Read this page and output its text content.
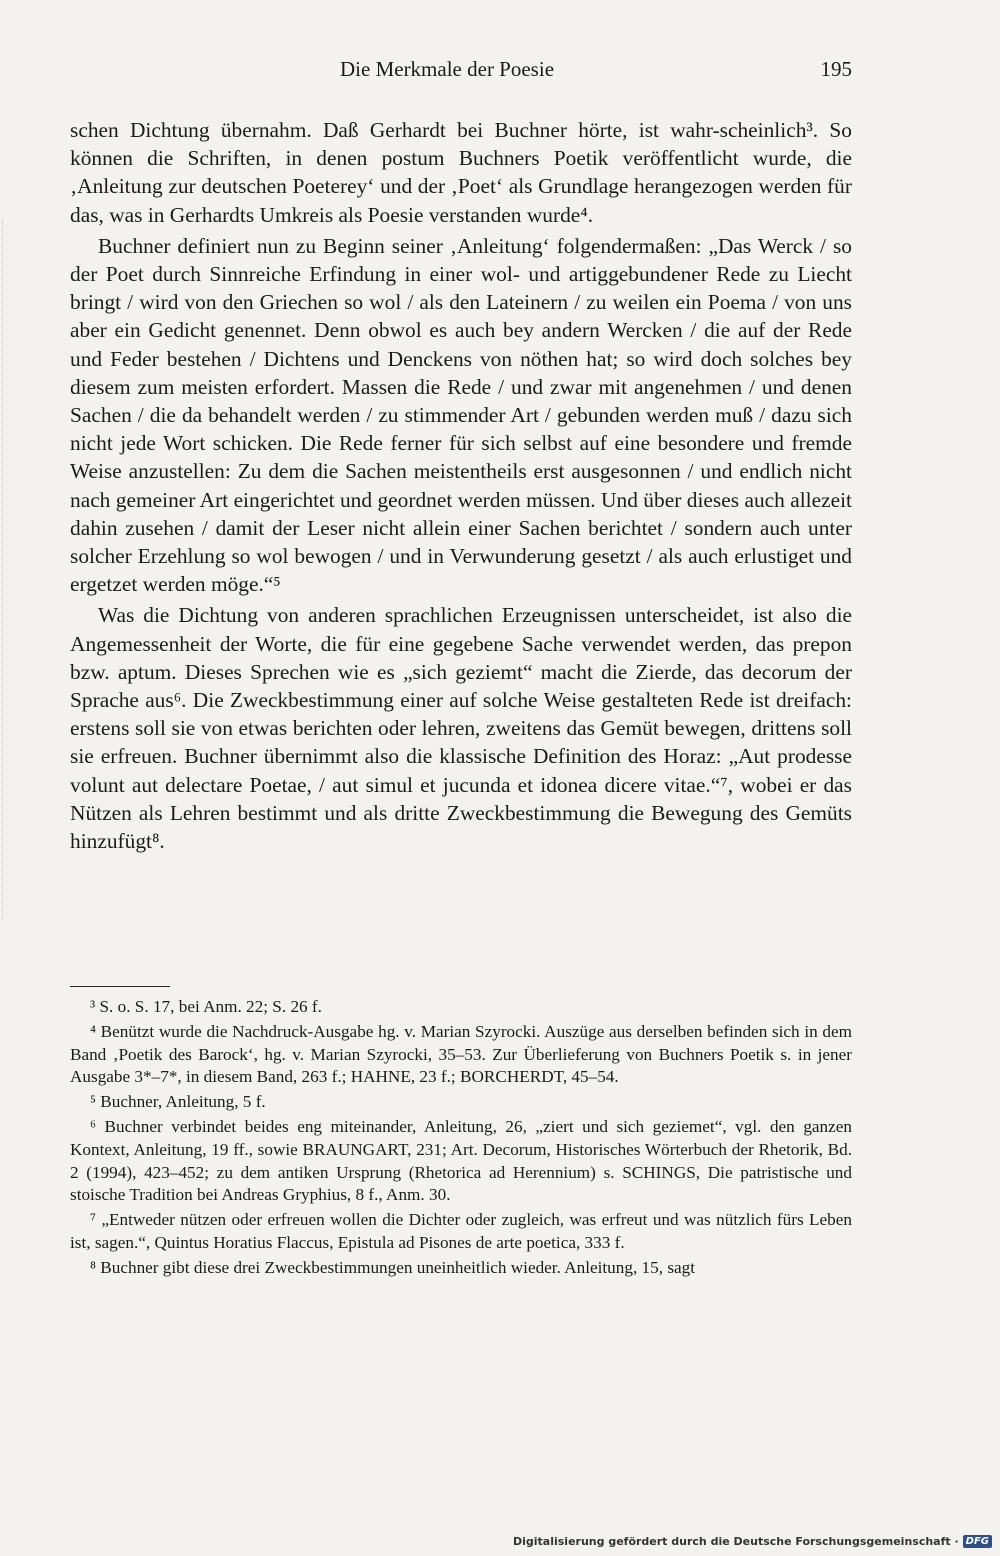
Die Merkmale der Poesie	195

schen Dichtung übernahm. Daß Gerhardt bei Buchner hörte, ist wahr-scheinlich³. So können die Schriften, in denen postum Buchners Poetik veröffentlicht wurde, die ‚Anleitung zur deutschen Poeterey‘ und der ‚Poet‘ als Grundlage herangezogen werden für das, was in Gerhardts Umkreis als Poesie verstanden wurde⁴.

Buchner definiert nun zu Beginn seiner ‚Anleitung‘ folgendermaßen: „Das Werck / so der Poet durch Sinnreiche Erfindung in einer wol- und artiggebundener Rede zu Liecht bringt / wird von den Griechen so wol / als den Lateinern / zu weilen ein Poema / von uns aber ein Gedicht genennet. Denn obwol es auch bey andern Wercken / die auf der Rede und Feder bestehen / Dichtens und Denckens von nöthen hat; so wird doch solches bey diesem zum meisten erfordert. Massen die Rede / und zwar mit angenehmen / und denen Sachen / die da behandelt werden / zu stimmender Art / gebunden werden muß / dazu sich nicht jede Wort schicken. Die Rede ferner für sich selbst auf eine besondere und fremde Weise anzustellen: Zu dem die Sachen meistentheils erst ausgesonnen / und endlich nicht nach gemeiner Art eingerichtet und geordnet werden müssen. Und über dieses auch allezeit dahin zusehen / damit der Leser nicht allein einer Sachen berichtet / sondern auch unter solcher Erzehlung so wol bewogen / und in Verwunderung gesetzt / als auch erlustiget und ergetzet werden möge.“⁵

Was die Dichtung von anderen sprachlichen Erzeugnissen unterscheidet, ist also die Angemessenheit der Worte, die für eine gegebene Sache verwendet werden, das prepon bzw. aptum. Dieses Sprechen wie es „sich geziemt“ macht die Zierde, das decorum der Sprache aus⁶. Die Zweckbestimmung einer auf solche Weise gestalteten Rede ist dreifach: erstens soll sie von etwas berichten oder lehren, zweitens das Gemüt bewegen, drittens soll sie erfreuen. Buchner übernimmt also die klassische Definition des Horaz: „Aut prodesse volunt aut delectare Poetae, / aut simul et jucunda et idonea dicere vitae.“⁷, wobei er das Nützen als Lehren bestimmt und als dritte Zweckbestimmung die Bewegung des Gemüts hinzufügt⁸.

³ S. o. S. 17, bei Anm. 22; S. 26 f.

⁴ Benützt wurde die Nachdruck-Ausgabe hg. v. Marian Szyrocki. Auszüge aus derselben befinden sich in dem Band ‚Poetik des Barock‘, hg. v. Marian Szyrocki, 35–53. Zur Überlieferung von Buchners Poetik s. in jener Ausgabe 3*–7*, in diesem Band, 263 f.; HAHNE, 23 f.; BORCHERDT, 45–54.

⁵ Buchner, Anleitung, 5 f.

⁶ Buchner verbindet beides eng miteinander, Anleitung, 26, „ziert und sich geziemet“, vgl. den ganzen Kontext, Anleitung, 19 ff., sowie BRAUNGART, 231; Art. Decorum, Historisches Wörterbuch der Rhetorik, Bd. 2 (1994), 423–452; zu dem antiken Ursprung (Rhetorica ad Herennium) s. SCHINGS, Die patristische und stoische Tradition bei Andreas Gryphius, 8 f., Anm. 30.

⁷ „Entweder nützen oder erfreuen wollen die Dichter oder zugleich, was erfreut und was nützlich fürs Leben ist, sagen.“, Quintus Horatius Flaccus, Epistula ad Pisones de arte poetica, 333 f.

⁸ Buchner gibt diese drei Zweckbestimmungen uneinheitlich wieder. Anleitung, 15, sagt

Digitalisierung gefördert durch die Deutsche Forschungsgemeinschaft · DFG
